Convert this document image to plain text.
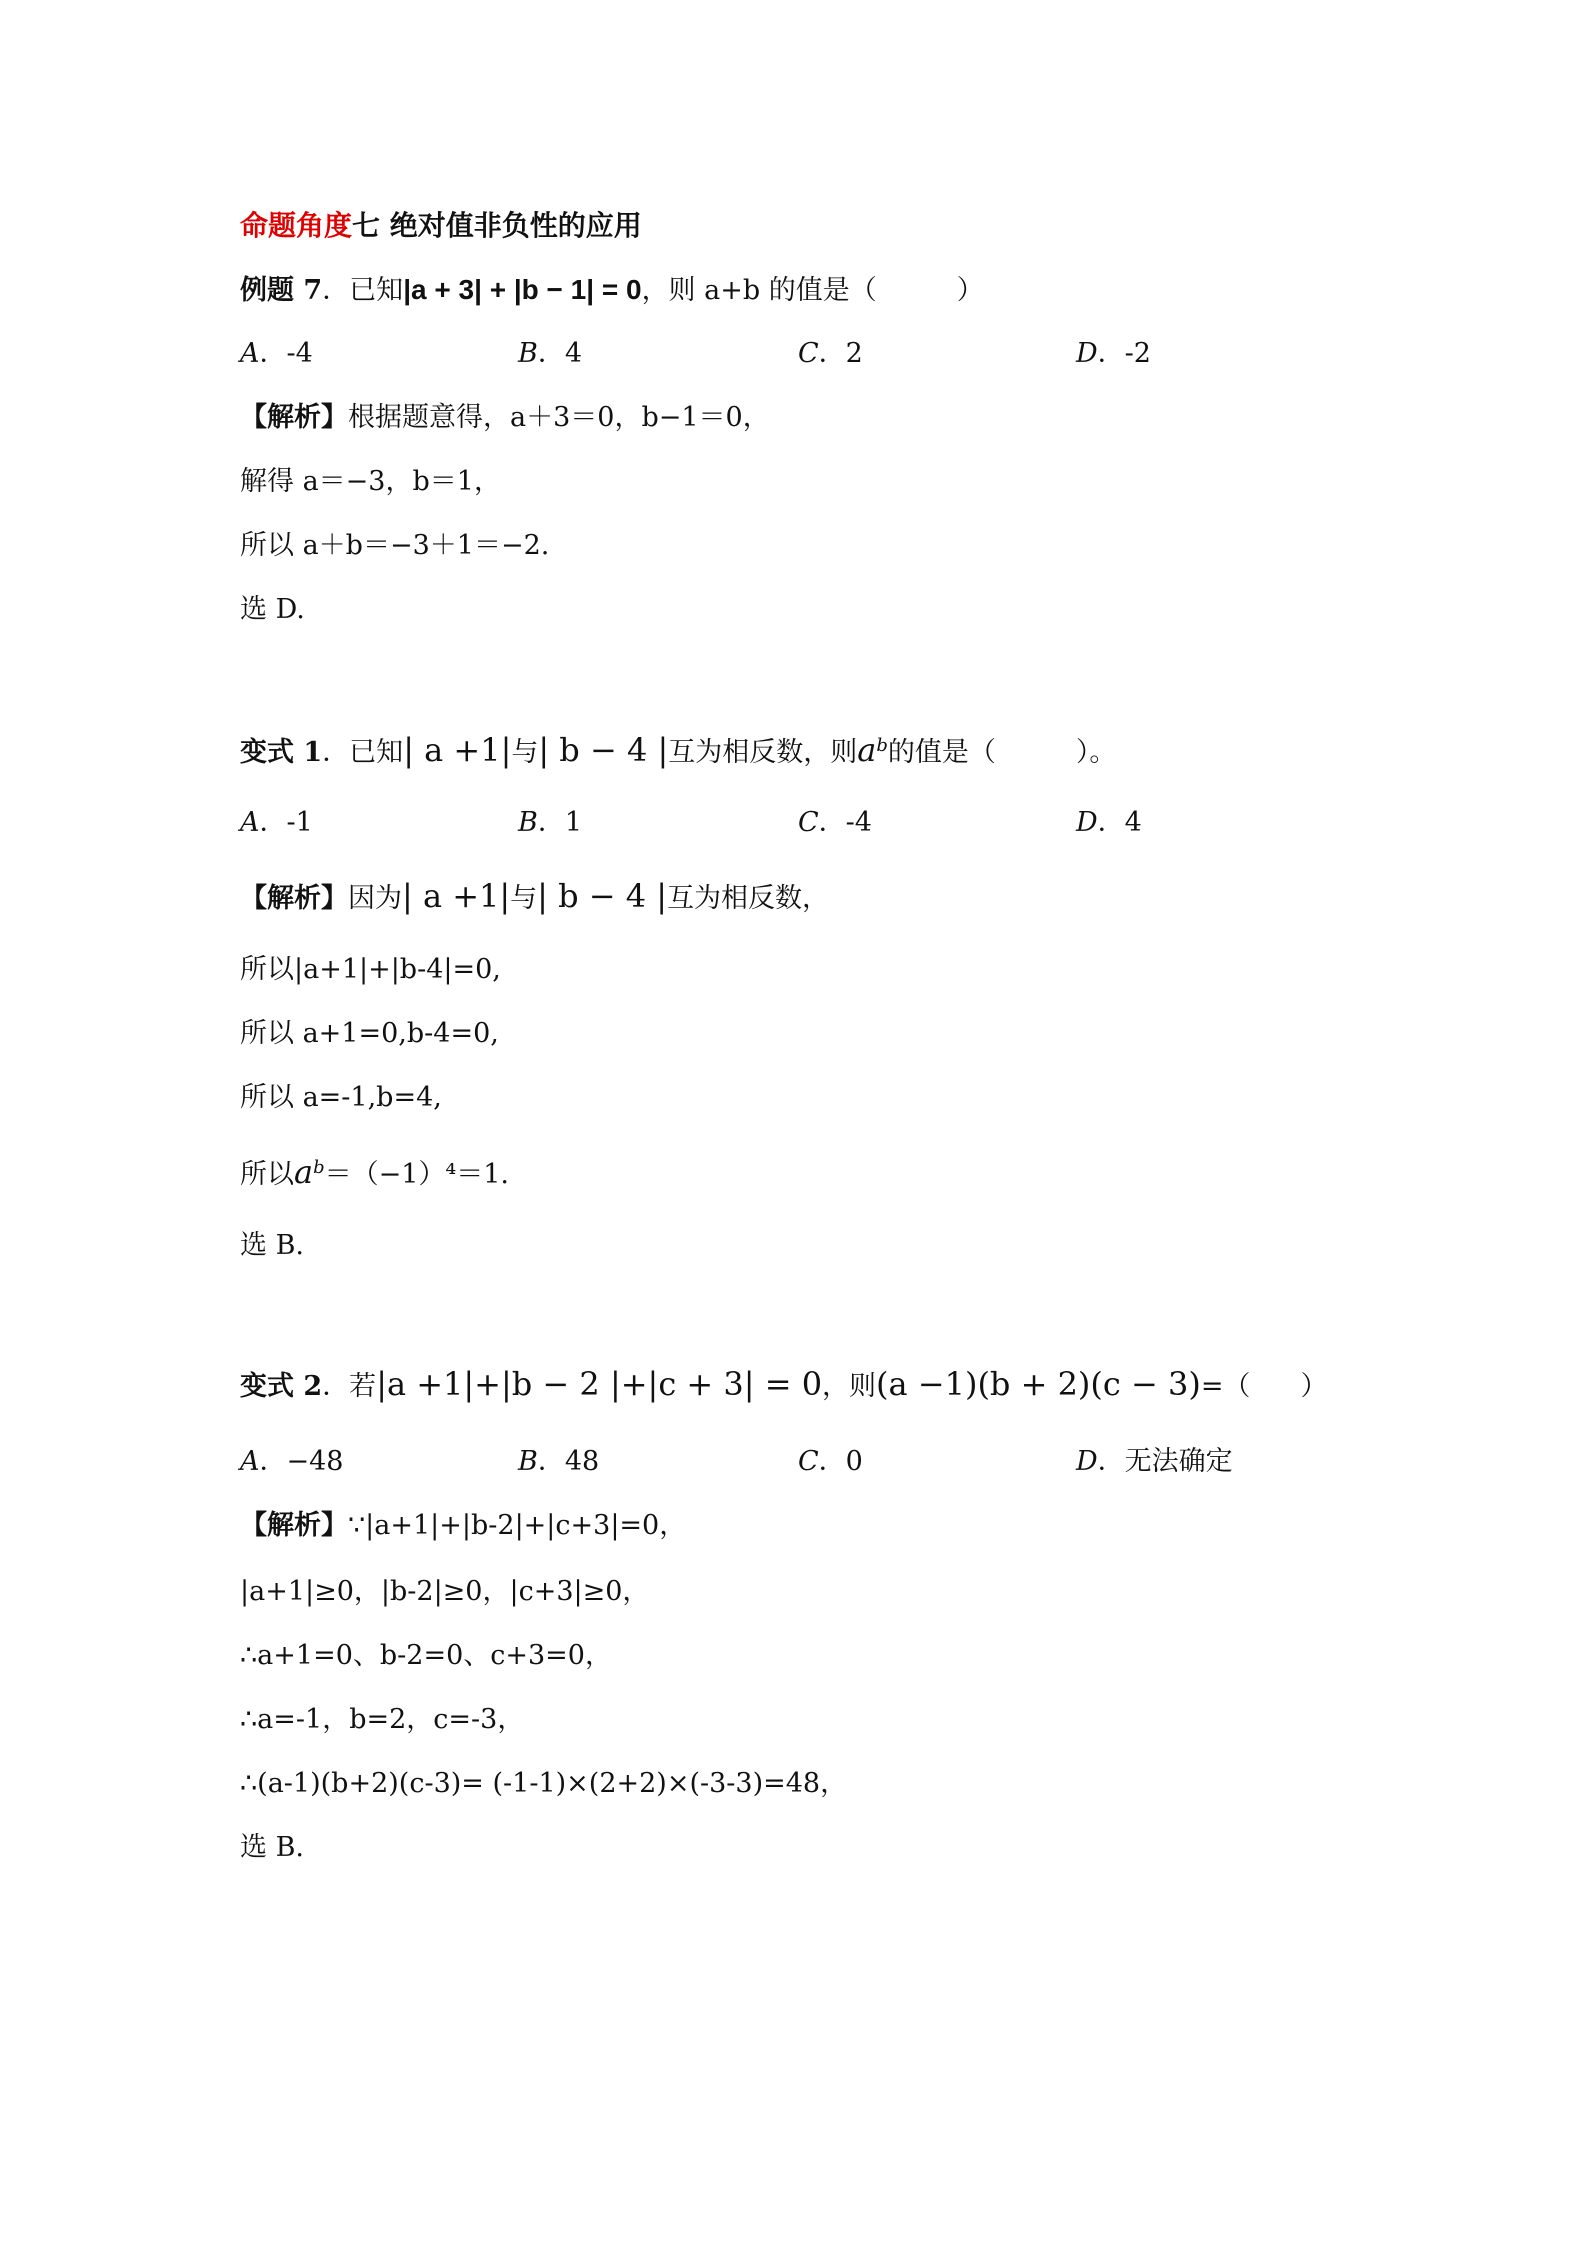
命题角度七 绝对值非负性的应用
例题 7．已知|a + 3| + |b − 1| = 0，则 a+b 的值是（	）
A．-4	B．4	C．2	D．-2
【解析】根据题意得，a＋3＝0，b−1＝0，
解得 a＝−3，b＝1，
所以 a＋b＝−3＋1＝−2.
选 D.
变式 1．已知| a +1|与| b − 4 |互为相反数，则$a^b$的值是（	）。
A．-1	B．1	C．-4	D．4
【解析】因为| a +1|与| b − 4 |互为相反数，
所以|a+1|+|b-4|=0,
所以 a+1=0,b-4=0,
所以 a=-1,b=4,
所以$a^b=(-1)^4=1$.
选 B.
变式 2．若|a +1|+|b − 2 |+|c + 3| = 0，则(a −1)(b + 2)(c − 3)=（ ）
A．−48	B．48	C．0	D．无法确定
【解析】∵|a+1|+|b-2|+|c+3|=0，
|a+1|≥0，|b-2|≥0，|c+3|≥0，
∴a+1=0、b-2=0、c+3=0，
∴a=-1，b=2，c=-3，
∴(a-1)(b+2)(c-3)= (-1-1)×(2+2)×(-3-3)=48，
选 B.
